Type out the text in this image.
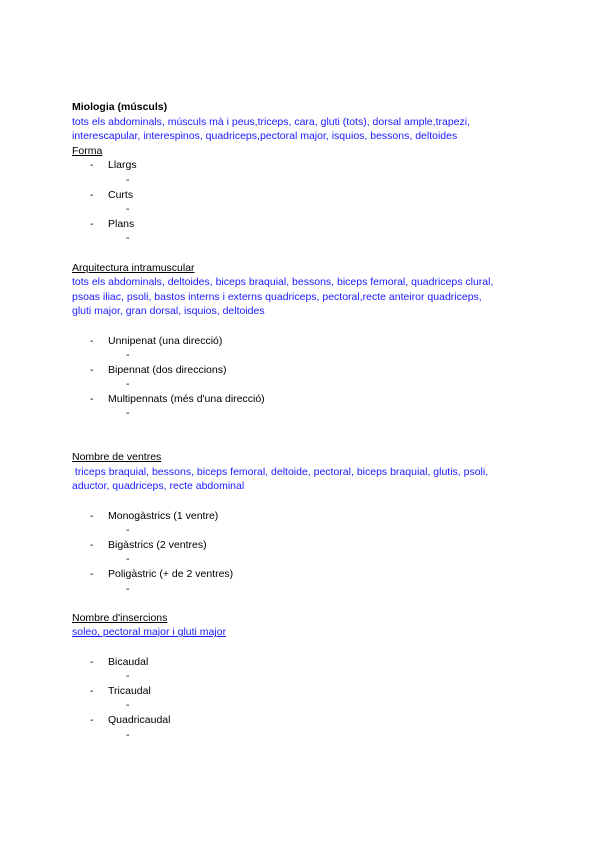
Miologia (músculs)
tots els abdominals, músculs mà i peus,triceps, cara, gluti (tots), dorsal ample,trapezi,
interescapular, interespinos, quadriceps,pectoral major, isquios, bessons, deltoides
Forma
- Llargs
-
- Curts
-
- Plans
-
Arquitectura intramuscular
tots els abdominals, deltoides, biceps braquial, bessons, biceps femoral, quadriceps clural,
psoas iliac, psoli, bastos interns i externs quadriceps, pectoral,recte anteiror quadriceps,
gluti major, gran dorsal, isquios, deltoides
- Unnipenat (una direcció)
-
- Bipennat (dos direccions)
-
- Multipennats (més d'una direcció)
-
Nombre de ventres
triceps braquial, bessons, biceps femoral, deltoide, pectoral, biceps braquial, glutis, psoli,
aductor, quadriceps, recte abdominal
- Monogàstrics (1 ventre)
-
- Bigàstrics (2 ventres)
-
- Poligàstric (+ de 2 ventres)
-
Nombre d'insercions
soleo, pectoral major i gluti major
- Bicaudal
-
- Tricaudal
-
- Quadricaudal
-
